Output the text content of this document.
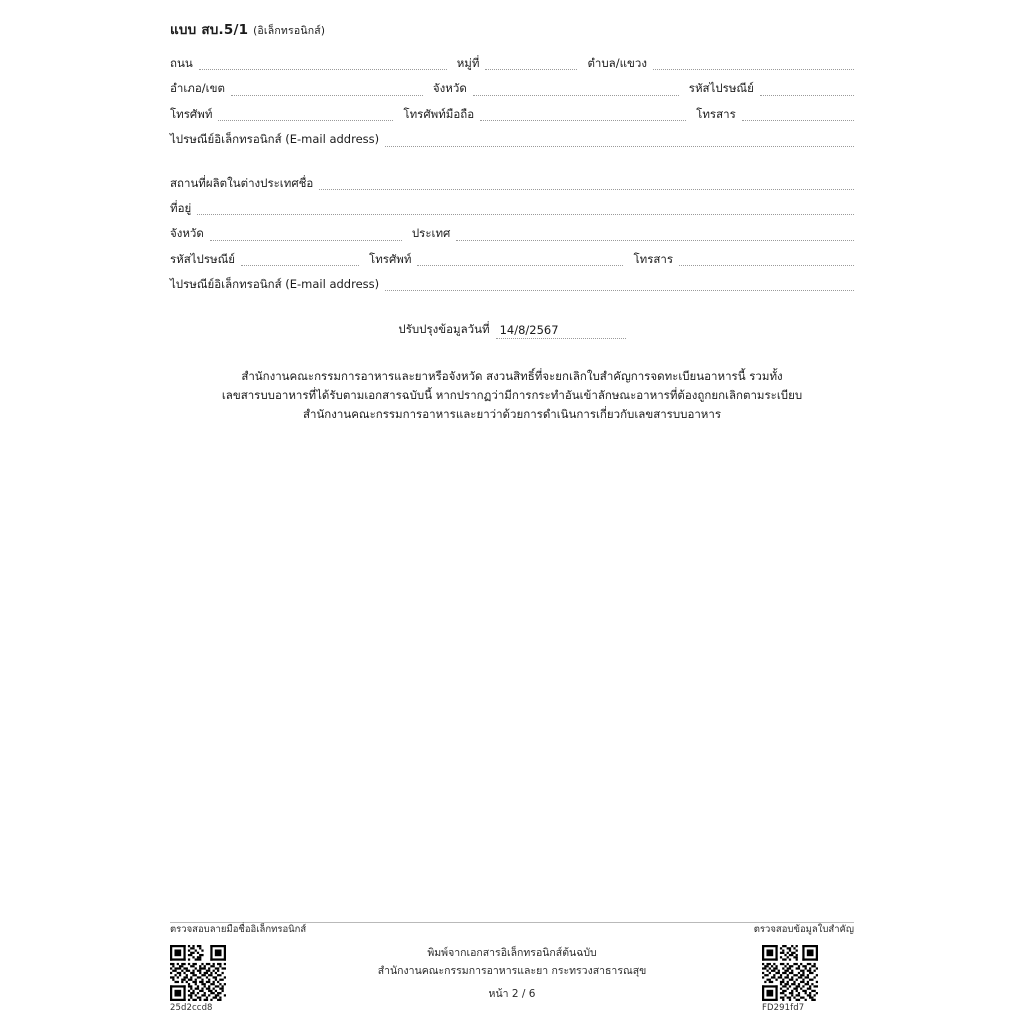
แบบ สบ.5/1 (อิเล็กทรอนิกส์)
ถนน	หมู่ที่	ตำบล/แขวง
อำเภอ/เขต	จังหวัด	รหัสไปรษณีย์
โทรศัพท์	โทรศัพท์มือถือ	โทรสาร
ไปรษณีย์อิเล็กทรอนิกส์ (E-mail address)
สถานที่ผลิตในต่างประเทศชื่อ
ที่อยู่
จังหวัด	ประเทศ
รหัสไปรษณีย์	โทรศัพท์	โทรสาร
ไปรษณีย์อิเล็กทรอนิกส์ (E-mail address)
ปรับปรุงข้อมูลวันที่ 14/8/2567
สำนักงานคณะกรรมการอาหารและยาหรือจังหวัด สงวนสิทธิ์ที่จะยกเลิกใบสำคัญการจดทะเบียนอาหารนี้ รวมทั้ง
เลขสารบบอาหารที่ได้รับตามเอกสารฉบับนี้ หากปรากฏว่ามีการกระทำอันเข้าลักษณะอาหารที่ต้องถูกยกเลิกตามระเบียบ
สำนักงานคณะกรรมการอาหารและยาว่าด้วยการดำเนินการเกี่ยวกับเลขสารบบอาหาร
ตรวจสอบลายมือชื่ออิเล็กทรอนิกส์	ตรวจสอบข้อมูลใบสำคัญ
พิมพ์จากเอกสารอิเล็กทรอนิกส์ต้นฉบับ
สำนักงานคณะกรรมการอาหารและยา กระทรวงสาธารณสุข
หน้า 2 / 6
25d2ccd8	FD291fd7
